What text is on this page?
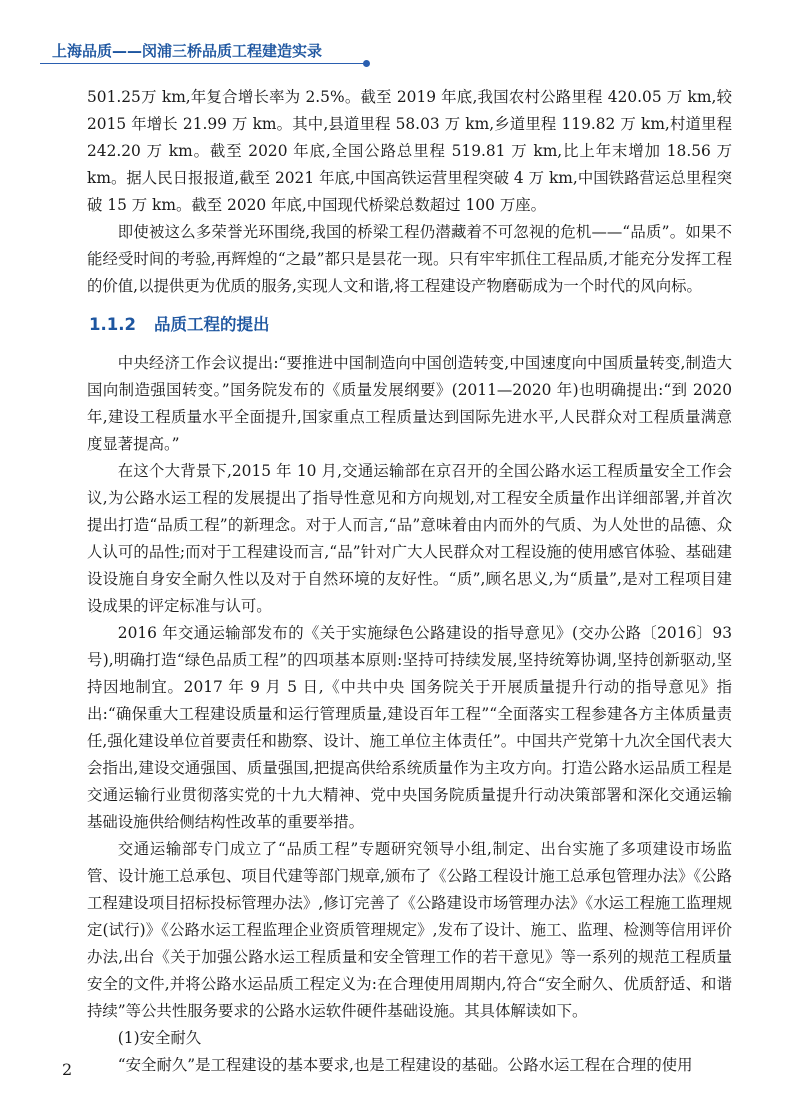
上海品质——闵浦三桥品质工程建造实录

501.25万 km,年复合增长率为 2.5%。截至 2019 年底,我国农村公路里程 420.05 万 km,较 2015 年增长 21.99 万 km。其中,县道里程 58.03 万 km,乡道里程 119.82 万 km,村道里程 242.20 万 km。截至 2020 年底,全国公路总里程 519.81 万 km,比上年末增加 18.56 万 km。据人民日报报道,截至 2021 年底,中国高铁运营里程突破 4 万 km,中国铁路营运总里程突破 15 万 km。截至 2020 年底,中国现代桥梁总数超过 100 万座。

即使被这么多荣誉光环围绕,我国的桥梁工程仍潜藏着不可忽视的危机——“品质”。如果不能经受时间的考验,再辉煌的“之最”都只是昙花一现。只有牢牢抓住工程品质,才能充分发挥工程的价值,以提供更为优质的服务,实现人文和谐,将工程建设产物磨砺成为一个时代的风向标。

1.1.2 品质工程的提出

中央经济工作会议提出:“要推进中国制造向中国创造转变,中国速度向中国质量转变,制造大国向制造强国转变。”国务院发布的《质量发展纲要》(2011—2020 年)也明确提出:“到 2020 年,建设工程质量水平全面提升,国家重点工程质量达到国际先进水平,人民群众对工程质量满意度显著提高。”

在这个大背景下,2015 年 10 月,交通运输部在京召开的全国公路水运工程质量安全工作会议,为公路水运工程的发展提出了指导性意见和方向规划,对工程安全质量作出详细部署,并首次提出打造“品质工程”的新理念。对于人而言,“品”意味着由内而外的气质、为人处世的品德、众人认可的品性;而对于工程建设而言,“品”针对广大人民群众对工程设施的使用感官体验、基础建设设施自身安全耐久性以及对于自然环境的友好性。“质”,顾名思义,为“质量”,是对工程项目建设成果的评定标准与认可。

2016 年交通运输部发布的《关于实施绿色公路建设的指导意见》(交办公路〔2016〕93号),明确打造“绿色品质工程”的四项基本原则:坚持可持续发展,坚持统筹协调,坚持创新驱动,坚持因地制宜。2017 年 9 月 5 日,《中共中央 国务院关于开展质量提升行动的指导意见》指出:“确保重大工程建设质量和运行管理质量,建设百年工程”“全面落实工程参建各方主体质量责任,强化建设单位首要责任和勘察、设计、施工单位主体责任”。中国共产党第十九次全国代表大会指出,建设交通强国、质量强国,把提高供给系统质量作为主攻方向。打造公路水运品质工程是交通运输行业贯彻落实党的十九大精神、党中央国务院质量提升行动决策部署和深化交通运输基础设施供给侧结构性改革的重要举措。

交通运输部专门成立了“品质工程”专题研究领导小组,制定、出台实施了多项建设市场监管、设计施工总承包、项目代建等部门规章,颁布了《公路工程设计施工总承包管理办法》《公路工程建设项目招标投标管理办法》,修订完善了《公路建设市场管理办法》《水运工程施工监理规定(试行)》《公路水运工程监理企业资质管理规定》,发布了设计、施工、监理、检测等信用评价办法,出台《关于加强公路水运工程质量和安全管理工作的若干意见》等一系列的规范工程质量安全的文件,并将公路水运品质工程定义为:在合理使用周期内,符合“安全耐久、优质舒适、和谐持续”等公共性服务要求的公路水运软件硬件基础设施。其具体解读如下。

(1)安全耐久

“安全耐久”是工程建设的基本要求,也是工程建设的基础。公路水运工程在合理的使用

2
